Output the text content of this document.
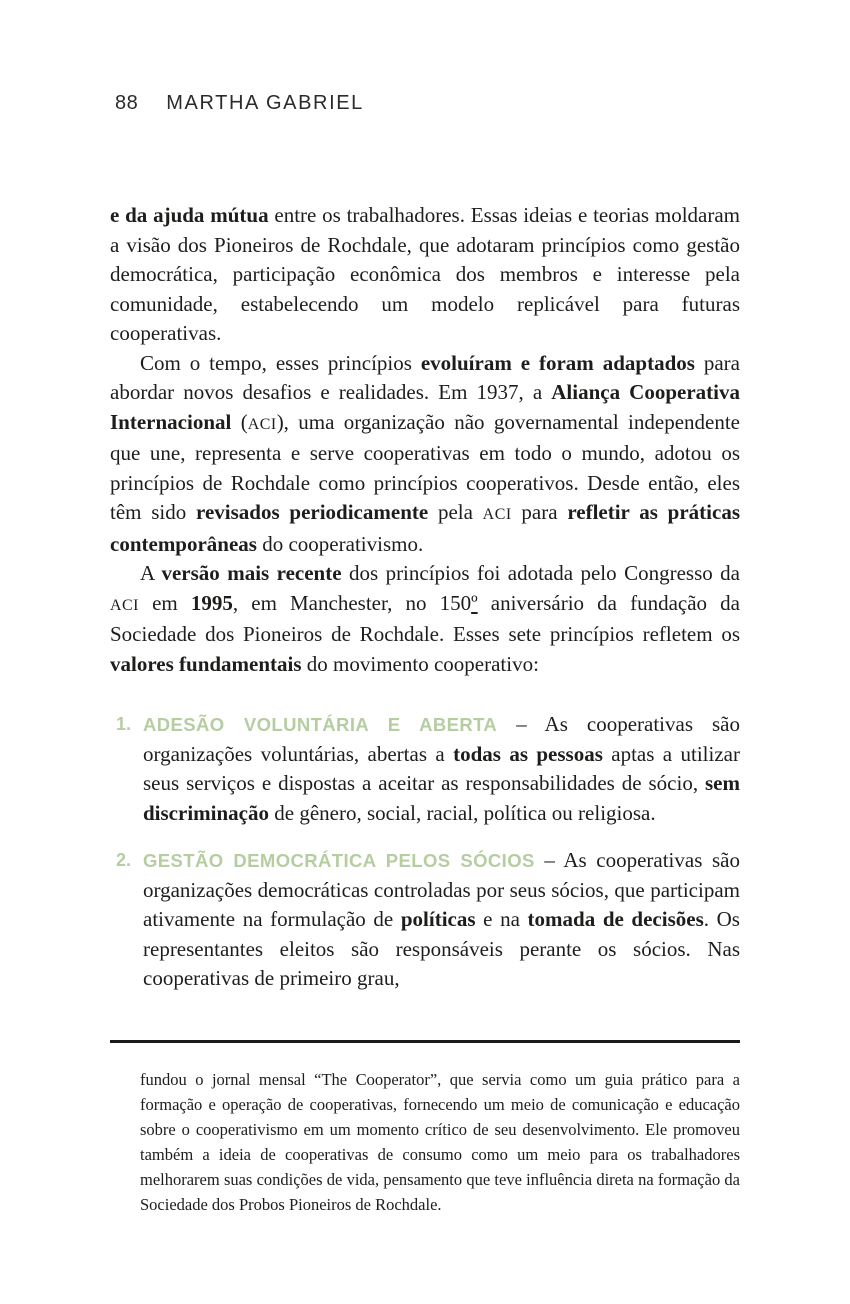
88 MARTHA GABRIEL

e da ajuda mútua entre os trabalhadores. Essas ideias e teorias moldaram a visão dos Pioneiros de Rochdale, que adotaram princípios como gestão democrática, participação econômica dos membros e interesse pela comunidade, estabelecendo um modelo replicável para futuras cooperativas.

Com o tempo, esses princípios evoluíram e foram adaptados para abordar novos desafios e realidades. Em 1937, a Aliança Cooperativa Internacional (ACI), uma organização não governamental independente que une, representa e serve cooperativas em todo o mundo, adotou os princípios de Rochdale como princípios cooperativos. Desde então, eles têm sido revisados periodicamente pela ACI para refletir as práticas contemporâneas do cooperativismo.

A versão mais recente dos princípios foi adotada pelo Congresso da ACI em 1995, em Manchester, no 150º aniversário da fundação da Sociedade dos Pioneiros de Rochdale. Esses sete princípios refletem os valores fundamentais do movimento cooperativo:

1. ADESÃO VOLUNTÁRIA E ABERTA – As cooperativas são organizações voluntárias, abertas a todas as pessoas aptas a utilizar seus serviços e dispostas a aceitar as responsabilidades de sócio, sem discriminação de gênero, social, racial, política ou religiosa.
2. GESTÃO DEMOCRÁTICA PELOS SÓCIOS – As cooperativas são organizações democráticas controladas por seus sócios, que participam ativamente na formulação de políticas e na tomada de decisões. Os representantes eleitos são responsáveis perante os sócios. Nas cooperativas de primeiro grau,

fundou o jornal mensal “The Cooperator”, que servia como um guia prático para a formação e operação de cooperativas, fornecendo um meio de comunicação e educação sobre o cooperativismo em um momento crítico de seu desenvolvimento. Ele promoveu também a ideia de cooperativas de consumo como um meio para os trabalhadores melhorarem suas condições de vida, pensamento que teve influência direta na formação da Sociedade dos Probos Pioneiros de Rochdale.
